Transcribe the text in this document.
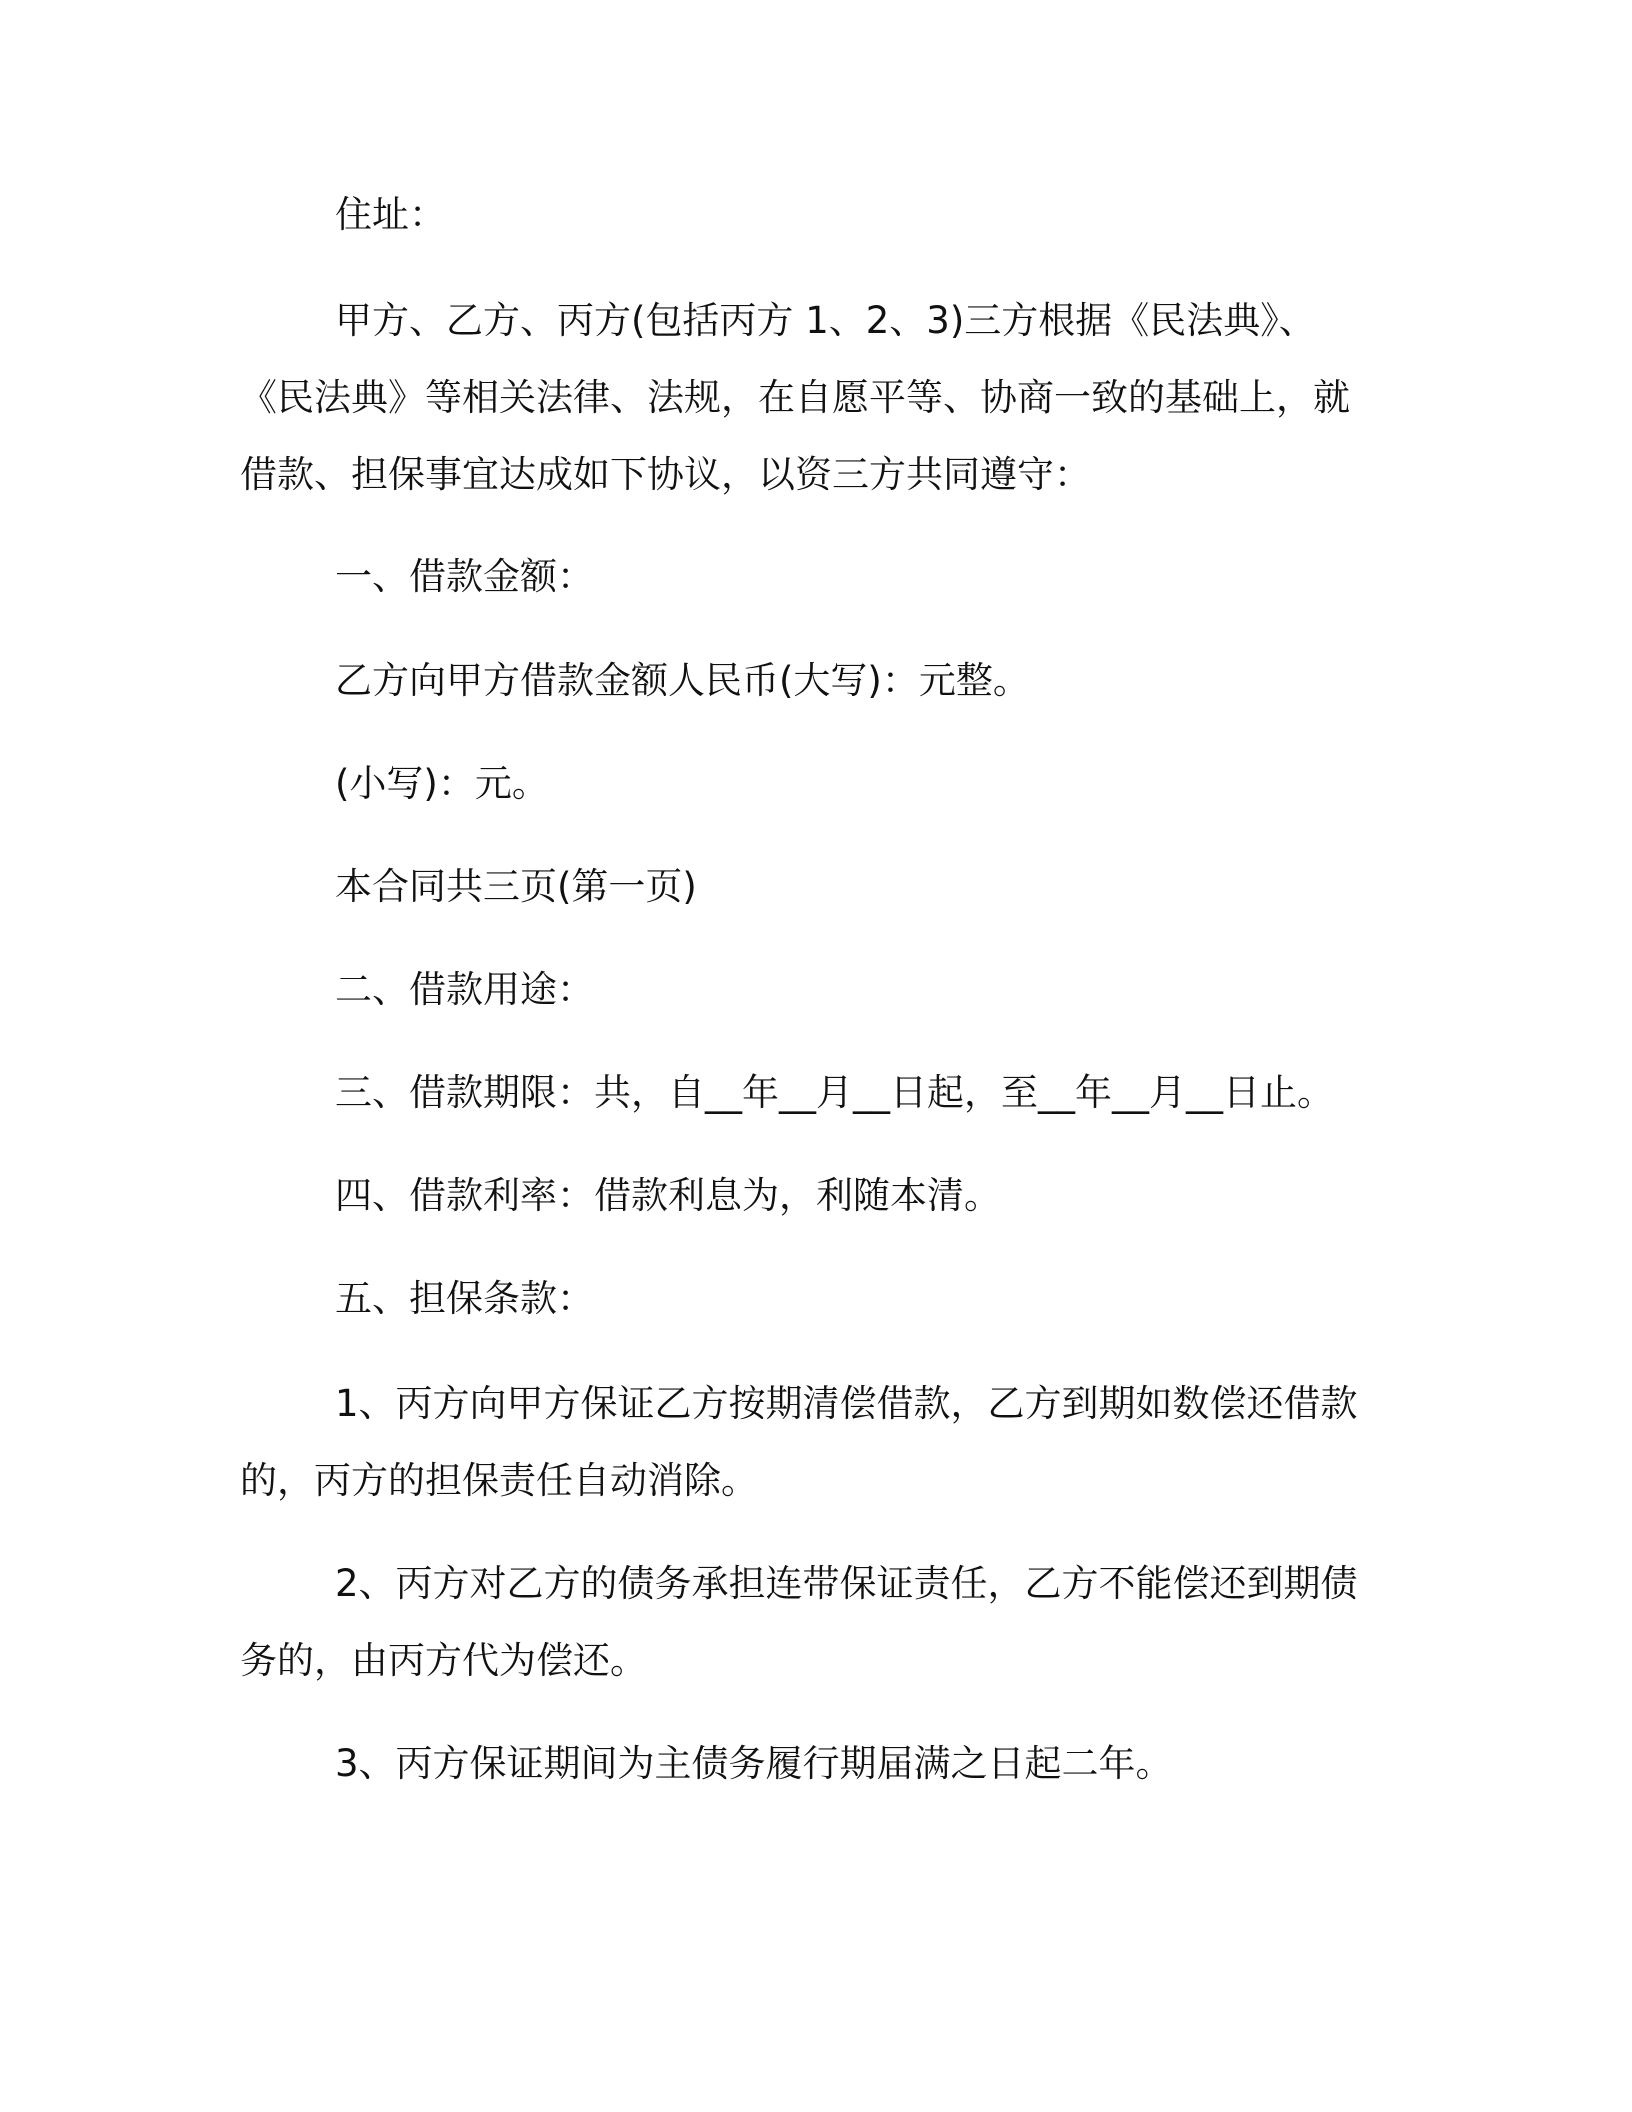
住址：

甲方、乙方、丙方(包括丙方 1、2、3)三方根据《民法典》、
《民法典》等相关法律、法规，在自愿平等、协商一致的基础上，就
借款、担保事宜达成如下协议，以资三方共同遵守：

一、借款金额：

乙方向甲方借款金额人民币(大写)：元整。

(小写)：元。

本合同共三页(第一页)

二、借款用途：

三、借款期限：共，自__年__月__日起，至__年__月__日止。

四、借款利率：借款利息为，利随本清。

五、担保条款：

1、丙方向甲方保证乙方按期清偿借款，乙方到期如数偿还借款
的，丙方的担保责任自动消除。

2、丙方对乙方的债务承担连带保证责任，乙方不能偿还到期债
务的，由丙方代为偿还。

3、丙方保证期间为主债务履行期届满之日起二年。
